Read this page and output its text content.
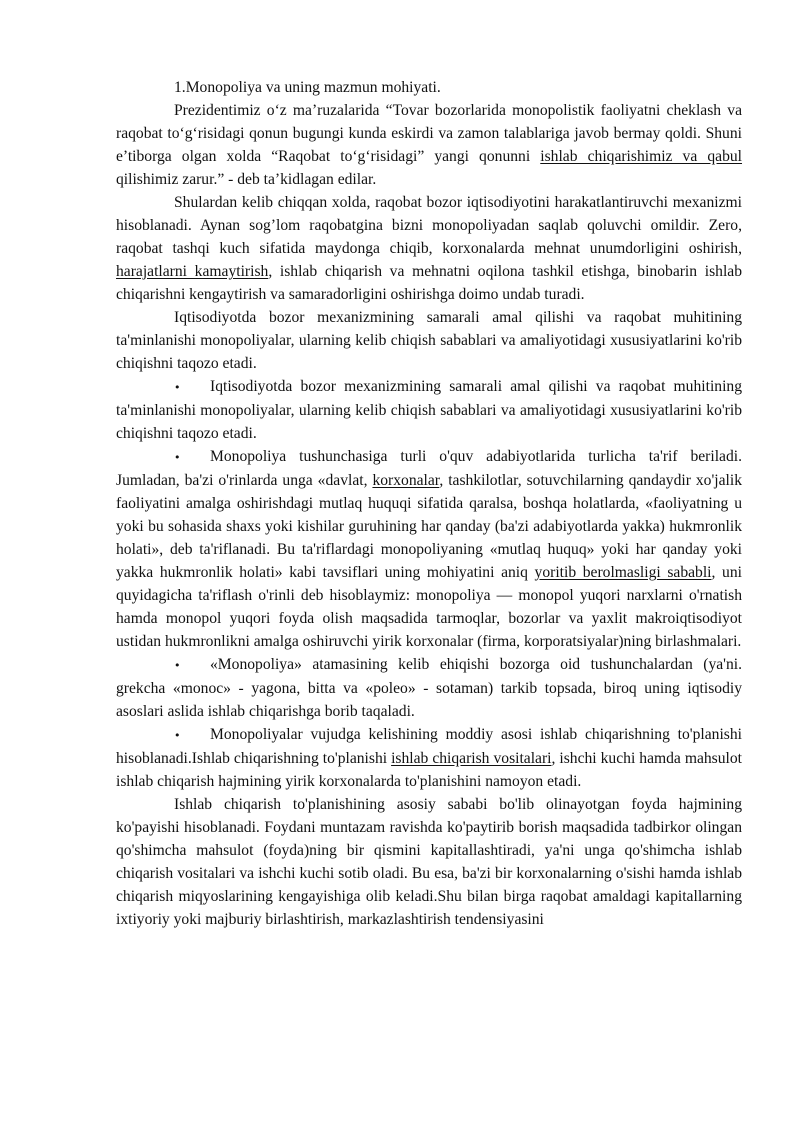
1.Monopoliya va uning mazmun mohiyati.

Prezidentimiz o‘z ma’ruzalarida “Tovar bozorlarida monopolistik faoliyatni cheklash va raqobat to‘g‘risidagi qonun bugungi kunda eskirdi va zamon talablariga javob bermay qoldi. Shuni e’tiborga olgan xolda “Raqobat to‘g‘risidagi” yangi qonunni ishlab chiqarishimiz va qabul qilishimiz zarur.” - deb ta’kidlagan edilar.

Shulardan kelib chiqqan xolda, raqobat bozor iqtisodiyotini harakatlantiruvchi mexanizmi hisoblanadi. Aynan sog’lom raqobatgina bizni monopoliyadan saqlab qoluvchi omildir. Zero, raqobat tashqi kuch sifatida maydonga chiqib, korxonalarda mehnat unumdorligini oshirish, harajatlarni kamaytirish, ishlab chiqarish va mehnatni oqilona tashkil etishga, binobarin ishlab chiqarishni kengaytirish va samaradorligini oshirishga doimo undab turadi.

Iqtisodiyotda bozor mexanizmining samarali amal qilishi va raqobat muhitining ta'minlanishi monopoliyalar, ularning kelib chiqish sabablari va amaliyotidagi xususiyatlarini ko'rib chiqishni taqozo etadi.

•Iqtisodiyotda bozor mexanizmining samarali amal qilishi va raqobat muhitining ta'minlanishi monopoliyalar, ularning kelib chiqish sabablari va amaliyotidagi xususiyatlarini ko'rib chiqishni taqozo etadi.

•Monopoliya tushunchasiga turli o'quv adabiyotlarida turlicha ta'rif beriladi. Jumladan, ba'zi o'rinlarda unga «davlat, korxonalar, tashkilotlar, sotuvchilarning qandaydir xo'jalik faoliyatini amalga oshirishdagi mutlaq huquqi sifatida qaralsa, boshqa holatlarda, «faoliyatning u yoki bu sohasida shaxs yoki kishilar guruhining har qanday (ba'zi adabiyotlarda yakka) hukmronlik holati», deb ta'riflanadi. Bu ta'riflardagi monopoliyaning «mutlaq huquq» yoki har qanday yoki yakka hukmronlik holati» kabi tavsiflari uning mohiyatini aniq yoritib berolmasligi sababli, uni quyidagicha ta'riflash o'rinli deb hisoblaymiz: monopoliya — monopol yuqori narxlarni o'rnatish hamda monopol yuqori foyda olish maqsadida tarmoqlar, bozorlar va yaxlit makroiqtisodiyot ustidan hukmronlikni amalga oshiruvchi yirik korxonalar (firma, korporatsiyalar)ning birlashmalari.

•«Monopoliya» atamasining kelib ehiqishi bozorga oid tushunchalardan (ya'ni. grekcha «monoc» - yagona, bitta va «poleo» - sotaman) tarkib topsada, biroq uning iqtisodiy asoslari aslida ishlab chiqarishga borib taqaladi.

•Monopoliyalar vujudga kelishining moddiy asosi ishlab chiqarishning to'planishi hisoblanadi.Ishlab chiqarishning to'planishi ishlab chiqarish vositalari, ishchi kuchi hamda mahsulot ishlab chiqarish hajmining yirik korxonalarda to'planishini namoyon etadi.

Ishlab chiqarish to'planishining asosiy sababi bo'lib olinayotgan foyda hajmining ko'payishi hisoblanadi. Foydani muntazam ravishda ko'paytirib borish maqsadida tadbirkor olingan qo'shimcha mahsulot (foyda)ning bir qismini kapitallashtiradi, ya'ni unga qo'shimcha ishlab chiqarish vositalari va ishchi kuchi sotib oladi. Bu esa, ba'zi bir korxonalarning o'sishi hamda ishlab chiqarish miqyoslarining kengayishiga olib keladi.Shu bilan birga raqobat amaldagi kapitallarning ixtiyoriy yoki majburiy birlashtirish, markazlashtirish tendensiyasini
